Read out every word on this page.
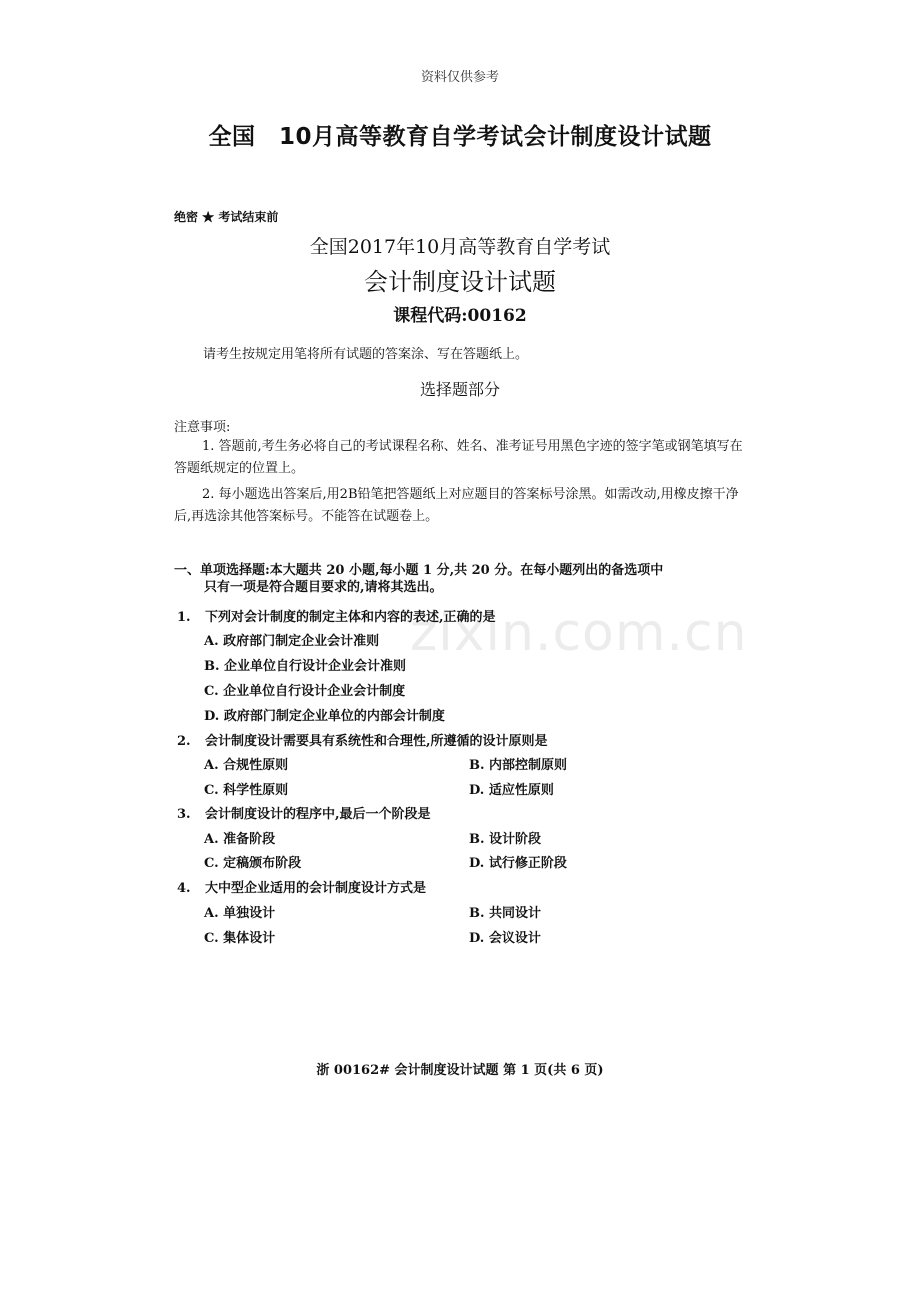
资料仅供参考
全国　10月高等教育自学考试会计制度设计试题
绝密 ★ 考试结束前
全国2017年10月高等教育自学考试
会计制度设计试题
课程代码:00162
请考生按规定用笔将所有试题的答案涂、写在答题纸上。
选择题部分
注意事项:
1. 答题前,考生务必将自己的考试课程名称、姓名、准考证号用黑色字迹的签字笔或钢笔填写在答题纸规定的位置上。
2. 每小题选出答案后,用2B铅笔把答题纸上对应题目的答案标号涂黑。如需改动,用橡皮擦干净后,再选涂其他答案标号。不能答在试题卷上。
zixin.com.cn
一、单项选择题:本大题共 20 小题,每小题 1 分,共 20 分。在每小题列出的备选项中
只有一项是符合题目要求的,请将其选出。
1. 下列对会计制度的制定主体和内容的表述,正确的是
A. 政府部门制定企业会计准则
B. 企业单位自行设计企业会计准则
C. 企业单位自行设计企业会计制度
D. 政府部门制定企业单位的内部会计制度
2. 会计制度设计需要具有系统性和合理性,所遵循的设计原则是
A. 合规性原则	B. 内部控制原则
C. 科学性原则	D. 适应性原则
3. 会计制度设计的程序中,最后一个阶段是
A. 准备阶段	B. 设计阶段
C. 定稿颁布阶段	D. 试行修正阶段
4. 大中型企业适用的会计制度设计方式是
A. 单独设计	B. 共同设计
C. 集体设计	D. 会议设计
浙 00162# 会计制度设计试题 第 1 页(共 6 页)
